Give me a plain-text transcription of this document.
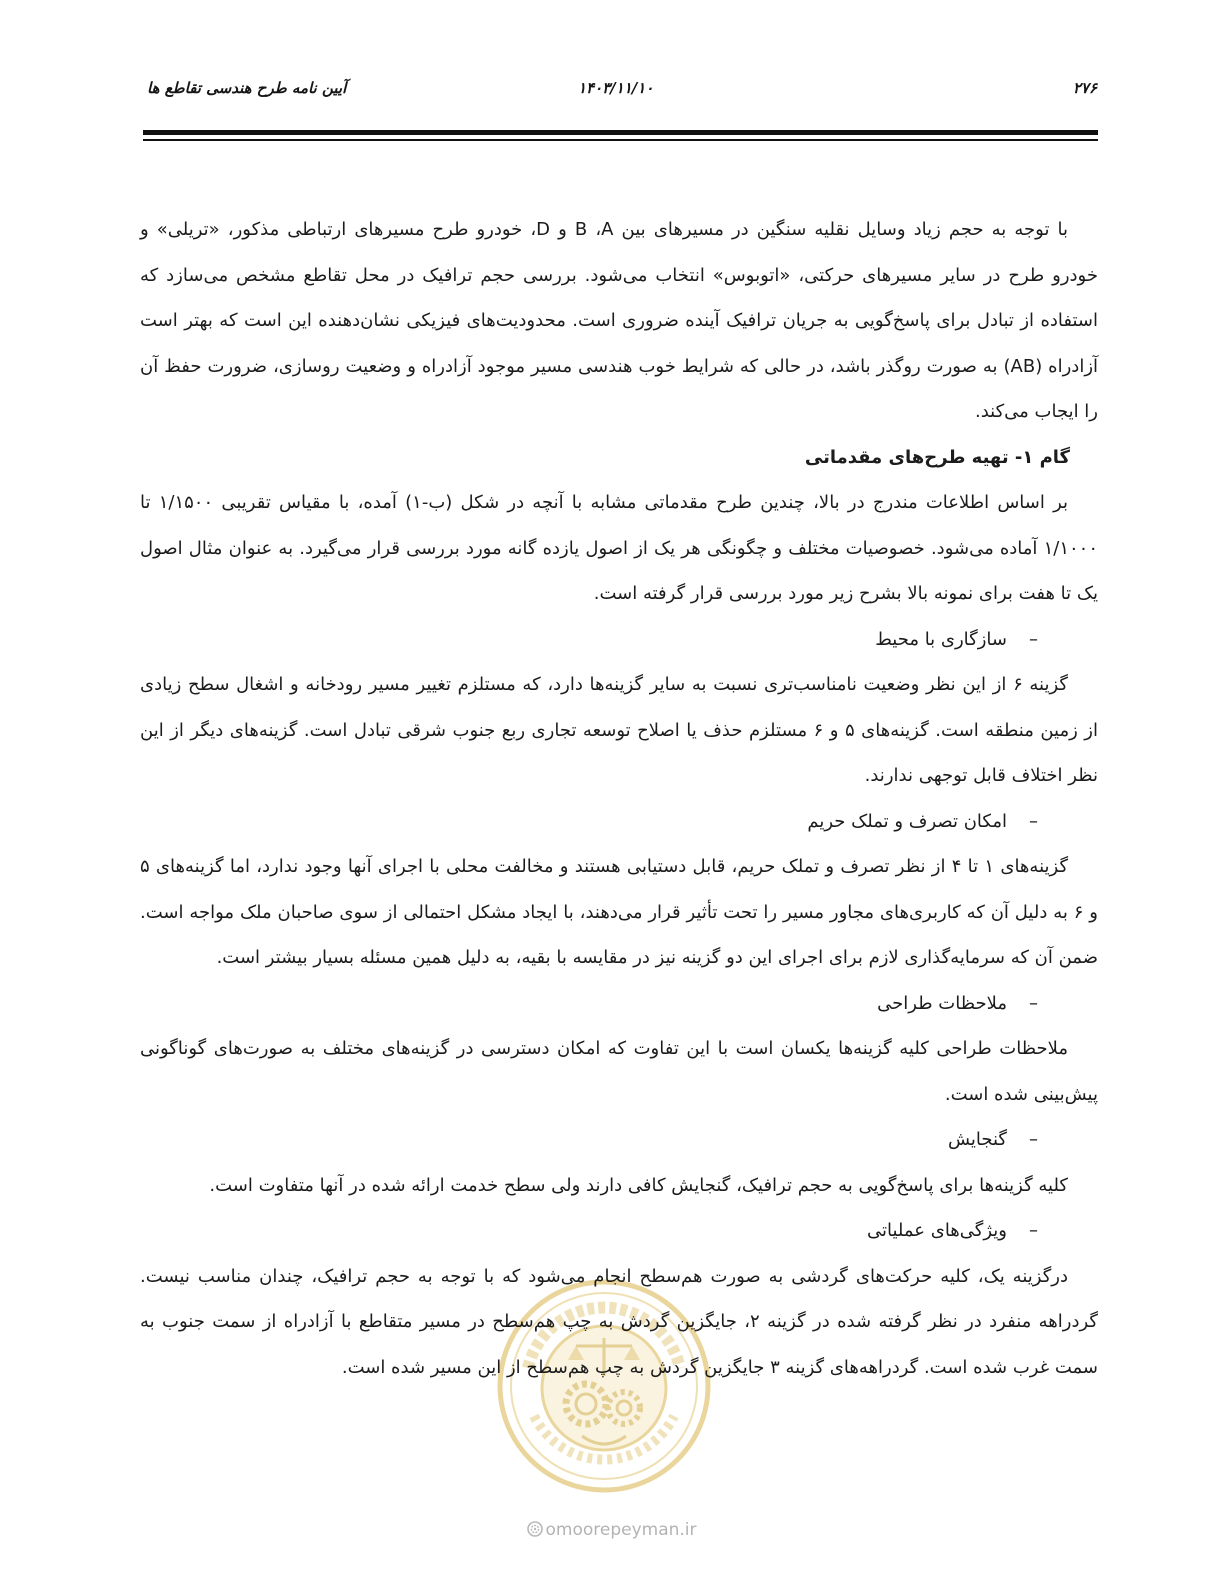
آیین نامه طرح هندسی تقاطع ها	۱۴۰۳/۱۱/۱۰	۲۷۶

با توجه به حجم زیاد وسایل نقلیه سنگین در مسیرهای بین A‏، B و D‏، خودرو طرح مسیرهای ارتباطی مذکور، «تریلی» و خودرو طرح در سایر مسیرهای حرکتی، «اتوبوس» انتخاب می‌شود. بررسی حجم ترافیک در محل تقاطع مشخص می‌سازد که استفاده از تبادل برای پاسخ‌گویی به جریان ترافیک آینده ضروری است. محدودیت‌های فیزیکی نشان‌دهنده این است که بهتر است آزادراه (AB) به صورت روگذر باشد، در حالی که شرایط خوب هندسی مسیر موجود آزادراه و وضعیت روسازی، ضرورت حفظ آن را ایجاب می‌کند.

گام ۱- تهیه طرح‌های مقدماتی

بر اساس اطلاعات مندرج در بالا، چندین طرح مقدماتی مشابه با آنچه در شکل (ب-۱) آمده، با مقیاس تقریبی ۱/۱۵۰۰ تا ۱/۱۰۰۰ آماده می‌شود. خصوصیات مختلف و چگونگی هر یک از اصول یازده گانه مورد بررسی قرار می‌گیرد. به عنوان مثال اصول یک تا هفت برای نمونه بالا بشرح زیر مورد بررسی قرار گرفته است.

–سازگاری با محیط

گزینه ۶ از این نظر وضعیت نامناسب‌تری نسبت به سایر گزینه‌ها دارد، که مستلزم تغییر مسیر رودخانه و اشغال سطح زیادی از زمین منطقه است. گزینه‌های ۵ و ۶ مستلزم حذف یا اصلاح توسعه تجاری ربع جنوب شرقی تبادل است. گزینه‌های دیگر از این نظر اختلاف قابل توجهی ندارند.

–امکان تصرف و تملک حریم

گزینه‌های ۱ تا ۴ از نظر تصرف و تملک حریم، قابل دستیابی هستند و مخالفت محلی با اجرای آنها وجود ندارد، اما گزینه‌های ۵ و ۶ به دلیل آن که کاربری‌های مجاور مسیر را تحت تأثیر قرار می‌دهند، با ایجاد مشکل احتمالی از سوی صاحبان ملک مواجه است. ضمن آن که سرمایه‌گذاری لازم برای اجرای این دو گزینه نیز در مقایسه با بقیه، به دلیل همین مسئله بسیار بیشتر است.

–ملاحظات طراحی

ملاحظات طراحی کلیه گزینه‌ها یکسان است با این تفاوت که امکان دسترسی در گزینه‌های مختلف به صورت‌های گوناگونی پیش‌بینی شده است.

–گنجایش

کلیه گزینه‌ها برای پاسخ‌گویی به حجم ترافیک، گنجایش کافی دارند ولی سطح خدمت ارائه شده در آنها متفاوت است.

–ویژگی‌های عملیاتی

درگزینه یک، کلیه حرکت‌های گردشی به صورت هم‌سطح انجام می‌شود که با توجه به حجم ترافیک، چندان مناسب نیست. گردراهه منفرد در نظر گرفته شده در گزینه ۲، جایگزین گردش به چپ هم‌سطح در مسیر متقاطع با آزادراه از سمت جنوب به سمت غرب شده است. گردراهه‌های گزینه ۳ جایگزین گردش به چپ هم‌سطح از این مسیر شده است.

omoorepeyman.ir
